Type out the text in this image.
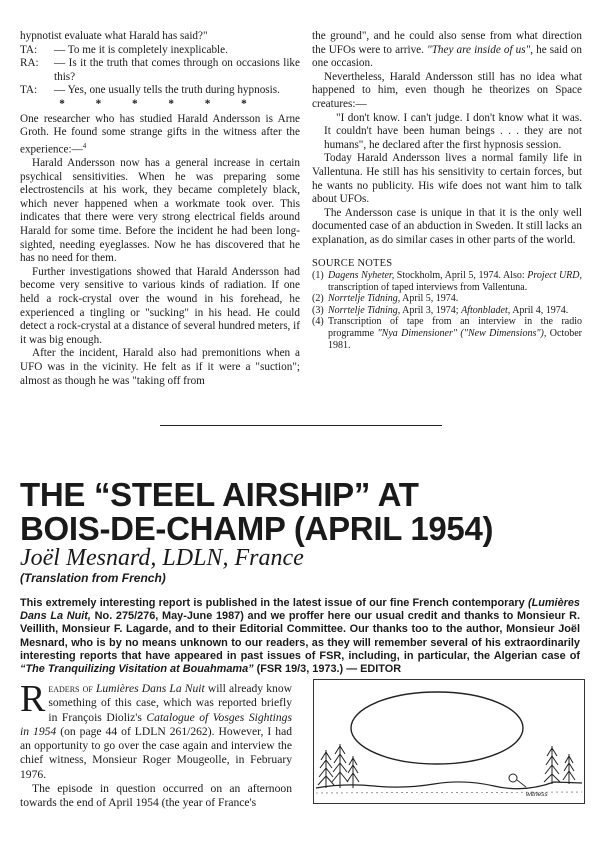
hypnotist evaluate what Harald has said?"

TA:	— To me it is completely inexplicable.
RA:	— Is it the truth that comes through on occasions like this?
TA:	— Yes, one usually tells the truth during hypnosis.

* * * * * *

One researcher who has studied Harald Andersson is Arne Groth. He found some strange gifts in the witness after the experience:—$^4$

Harald Andersson now has a general increase in certain psychical sensitivities. When he was preparing some electrostencils at his work, they became completely black, which never happened when a workmate took over. This indicates that there were very strong electrical fields around Harald for some time. Before the incident he had been long-sighted, needing eyeglasses. Now he has discovered that he has no need for them.

Further investigations showed that Harald Andersson had become very sensitive to various kinds of radiation. If one held a rock-crystal over the wound in his forehead, he experienced a tingling or "sucking" in his head. He could detect a rock-crystal at a distance of several hundred meters, if it was big enough.

After the incident, Harald also had premonitions when a UFO was in the vicinity. He felt as if it were a "suction"; almost as though he was "taking off from

the ground", and he could also sense from what direction the UFOs were to arrive. "They are inside of us", he said on one occasion.

Nevertheless, Harald Andersson still has no idea what happened to him, even though he theorizes on Space creatures:—

"I don't know. I can't judge. I don't know what it was. It couldn't have been human beings . . . they are not humans", he declared after the first hypnosis session.

Today Harald Andersson lives a normal family life in Vallentuna. He still has his sensitivity to certain forces, but he wants no publicity. His wife does not want him to talk about UFOs.

The Andersson case is unique in that it is the only well documented case of an abduction in Sweden. It still lacks an explanation, as do similar cases in other parts of the world.

SOURCE NOTES

(1) Dagens Nyheter, Stockholm, April 5, 1974. Also: Project URD, transcription of taped interviews from Vallentuna.
(2) Norrtelje Tidning, April 5, 1974.
(3) Norrtelje Tidning, April 3, 1974; Aftonbladet, April 4, 1974.
(4) Transcription of tape from an interview in the radio programme "Nya Dimensioner" ("New Dimensions"), October 1981.
THE “STEEL AIRSHIP” AT
BOIS-DE-CHAMP (APRIL 1954)

Joël Mesnard, LDLN, France

(Translation from French)

This extremely interesting report is published in the latest issue of our fine French contemporary (Lumières Dans La Nuit, No. 275/276, May-June 1987) and we proffer here our usual credit and thanks to Monsieur R. Veillith, Monsieur F. Lagarde, and to their Editorial Committee. Our thanks too to the author, Monsieur Joël Mesnard, who is by no means unknown to our readers, as they will remember several of his extraordinarily interesting reports that have appeared in past issues of FSR, including, in particular, the Algerian case of “The Tranquilizing Visitation at Bouahmama” (FSR 19/3, 1973.) — EDITOR

Readers of Lumières Dans La Nuit will already know something of this case, which was reported briefly in François Dioliz's Catalogue of Vosges Sightings in 1954 (on page 44 of LDLN 261/262). However, I had an opportunity to go over the case again and interview the chief witness, Monsieur Roger Mougeolle, in February 1976.

The episode in question occurred on an afternoon towards the end of April 1954 (the year of France's

witness
